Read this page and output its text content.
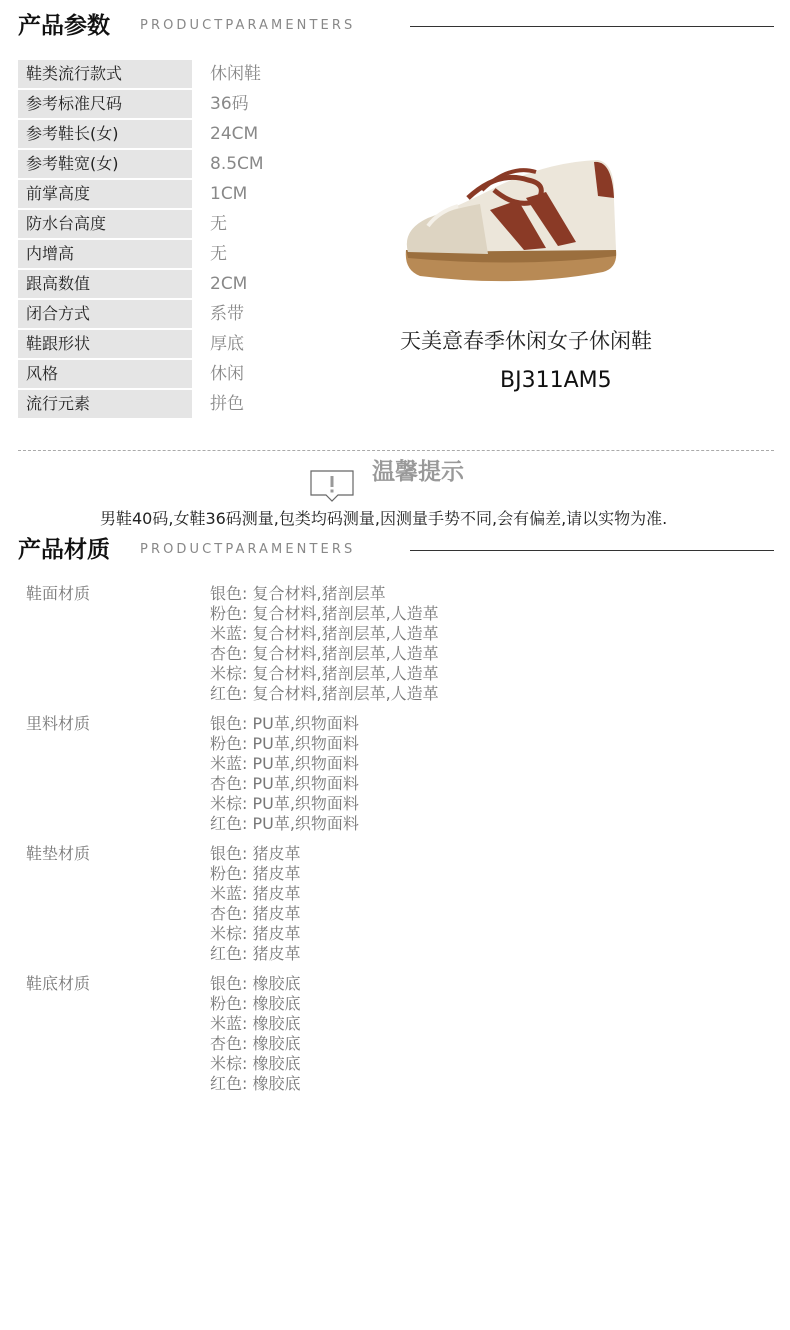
产品参数 PRODUCTPARAMENTERS
鞋类流行款式	休闲鞋
参考标准尺码	36码
参考鞋长(女)	24CM
参考鞋宽(女)	8.5CM
前掌高度	1CM
防水台高度	无
内增高	无
跟高数值	2CM
闭合方式	系带
鞋跟形状	厚底
风格	休闲
流行元素	拼色
天美意春季休闲女子休闲鞋
BJ311AM5
温馨提示
男鞋40码,女鞋36码测量,包类均码测量,因测量手势不同,会有偏差,请以实物为准.
产品材质 PRODUCTPARAMENTERS
鞋面材质	银色: 复合材料,猪剖层革
粉色: 复合材料,猪剖层革,人造革
米蓝: 复合材料,猪剖层革,人造革
杏色: 复合材料,猪剖层革,人造革
米棕: 复合材料,猪剖层革,人造革
红色: 复合材料,猪剖层革,人造革
里料材质	银色: PU革,织物面料
粉色: PU革,织物面料
米蓝: PU革,织物面料
杏色: PU革,织物面料
米棕: PU革,织物面料
红色: PU革,织物面料
鞋垫材质	银色: 猪皮革
粉色: 猪皮革
米蓝: 猪皮革
杏色: 猪皮革
米棕: 猪皮革
红色: 猪皮革
鞋底材质	银色: 橡胶底
粉色: 橡胶底
米蓝: 橡胶底
杏色: 橡胶底
米棕: 橡胶底
红色: 橡胶底
